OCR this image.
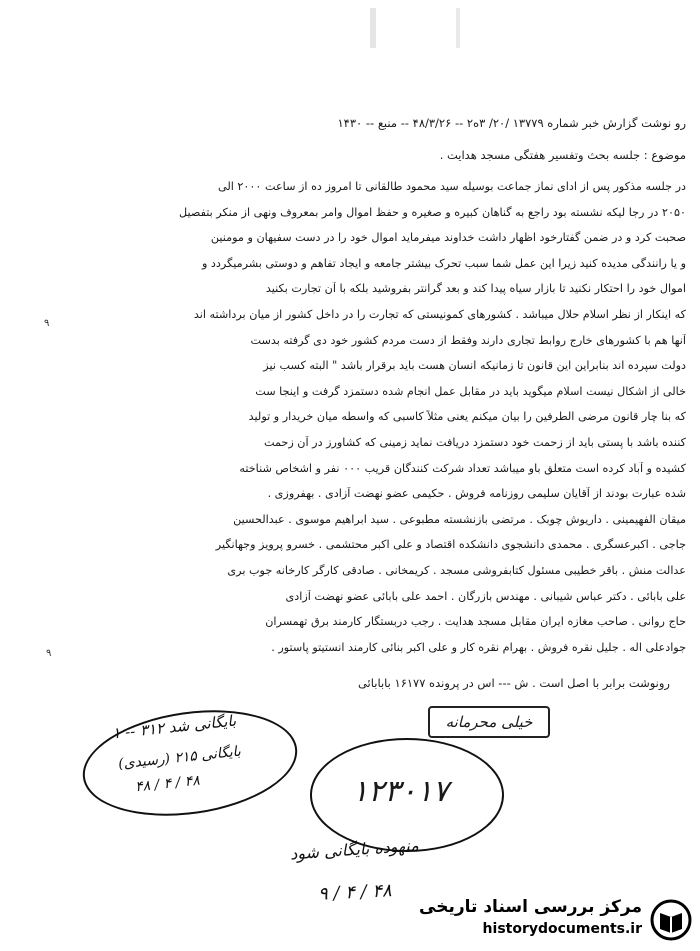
رو نوشت گزارش خبر شماره ۱۳۷۷۹ /۲۰/ ۳ه۲ -- ۴۸/۳/۲۶ -- منبع -- ۱۴۳۰
موضوع : جلسه بحث وتفسیر هفتگی مسجد هدایت .
در جلسه مذکور پس از ادای نماز جماعت بوسیله سید محمود طالقانی تا امروز ده از ساعت ۲۰۰۰ الی
۲۰۵۰ در رجا لیکه نشسته بود راجع به گناهان کبیره و صغیره و حفظ اموال وامر بمعروف ونهی از منکر بتفصیل
صحبت کرد و در ضمن گفتارخود اظهار داشت خداوند میفرماید اموال خود را در دست سفیهان و مومنین
و یا رانندگی مدیده کنید زیرا این عمل شما سبب تحرک بیشتر جامعه و ایجاد تفاهم و دوستی بشرمیگردد و
اموال خود را احتکار نکنید تا بازار سیاه پیدا کند و بعد گرانتر بفروشید بلکه با آن تجارت بکنید
که اینکار از نظر اسلام حلال میباشد . کشورهای کمونیستی که تجارت را در داخل کشور از میان برداشته اند
آنها هم با کشورهای خارج روابط تجاری دارند وفقط از دست مردم کشور خود دی گرفته بدست
دولت سپرده اند بنابراین این قانون تا زمانیکه انسان هست باید برقرار باشد " البته کسب نیز
خالی از اشکال نیست اسلام میگوید باید در مقابل عمل انجام شده دستمزد گرفت و اینجا ست
که بنا چار قانون مرضی الطرفین را بیان میکنم یعنی مثلاً کاسبی که واسطه میان خریدار و تولید
کننده باشد با پستی باید از زحمت خود دستمزد دریافت نماید زمینی که کشاورز در آن زحمت
کشیده و آباد کرده است متعلق باو میباشد تعداد شرکت کنندگان قریب ۰۰۰ نفر و اشخاص شناخته
شده عبارت بودند از آقایان سلیمی روزنامه فروش . حکیمی عضو نهضت آزادی . بهفروزی .
میقان الفهیمینی . داریوش چوبک . مرتضی بازنشسته مطبوعی . سید ابراهیم موسوی . عبدالحسین
جاجی . اکبرعسگری . محمدی دانشجوی دانشکده اقتصاد و علی اکبر محتشمی . خسرو پرویز وجهانگیر
عدالت منش . باقر خطیبی مسئول کتابفروشی مسجد . کریمخانی . صادقی کارگر کارخانه جوب بری
علی بابائی . دکتر عباس شیبانی . مهندس بازرگان . احمد علی بابائی عضو نهضت آزادی
حاج روانی . صاحب مغازه ایران مقابل مسجد هدایت . رجب دربستگار کارمند برق تهمسران
جوادعلی اله . جلیل نقره فروش . بهرام نقره کار و علی اکبر بنائی کارمند انستیتو پاستور .
۹
۹
رونوشت برابر با اصل است . ش --- اس در پرونده ۱۶۱۷۷ بابابائی
خیلی محرمانه
بایگانی شد ۳۱۲ -- ۱
بایگانی ۲۱۵ (رسیدی)
۴۸ / ۴ / ۴۸	۱۲۳۰۱۷
منهوده بایگانی شود
۴۸ / ۴ / ۹
مرکز بررسی اسناد تاریخی
historydocuments.ir
